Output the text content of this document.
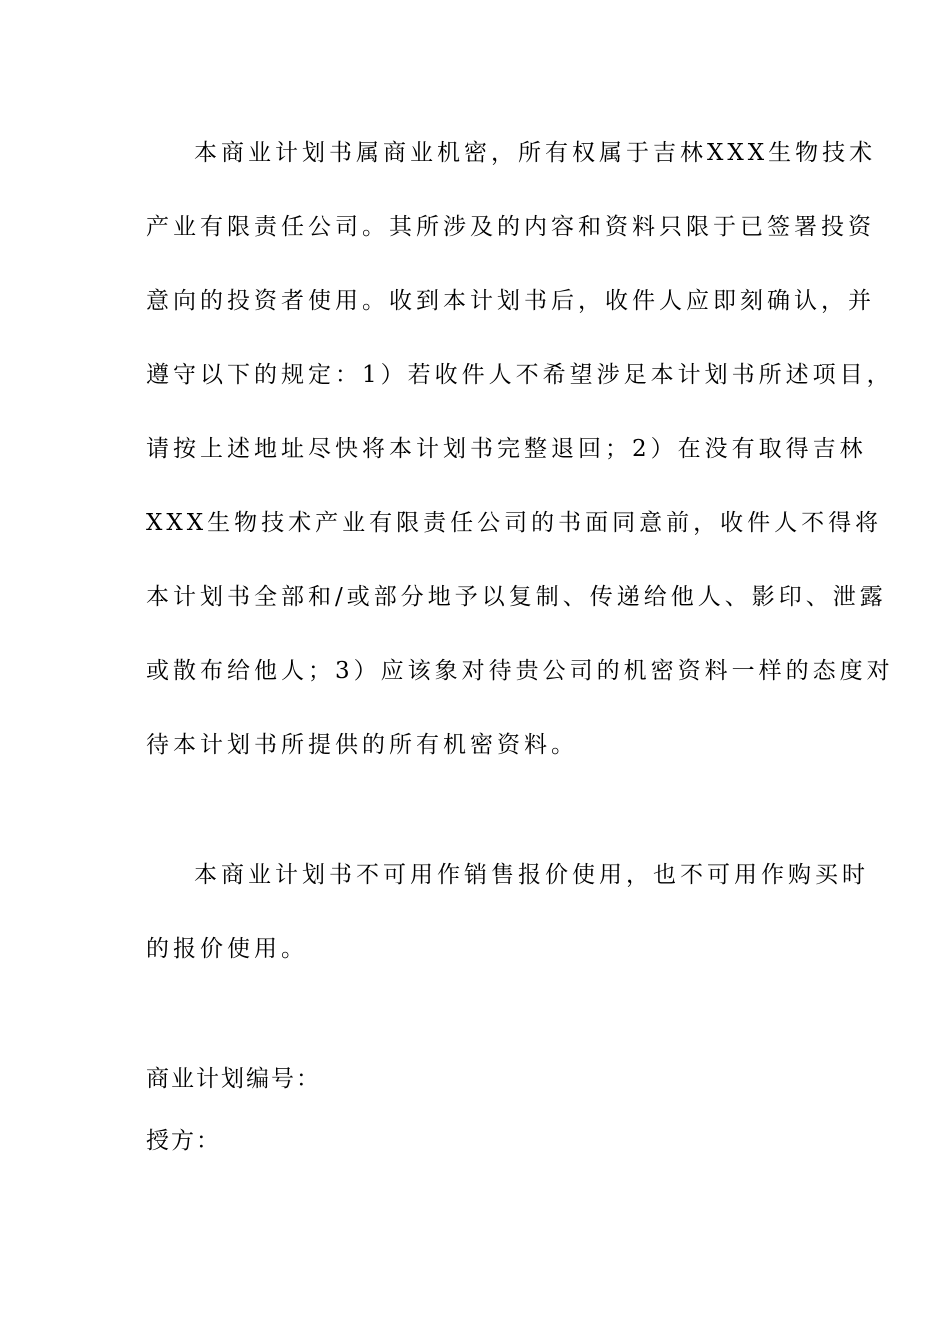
本商业计划书属商业机密，所有权属于吉林XXX生物技术
产业有限责任公司。其所涉及的内容和资料只限于已签署投资
意向的投资者使用。收到本计划书后，收件人应即刻确认，并
遵守以下的规定：1）若收件人不希望涉足本计划书所述项目，
请按上述地址尽快将本计划书完整退回；2）在没有取得吉林
XXX生物技术产业有限责任公司的书面同意前，收件人不得将
本计划书全部和/或部分地予以复制、传递给他人、影印、泄露
或散布给他人；3）应该象对待贵公司的机密资料一样的态度对
待本计划书所提供的所有机密资料。
本商业计划书不可用作销售报价使用，也不可用作购买时
的报价使用。
商业计划编号：
授方：
